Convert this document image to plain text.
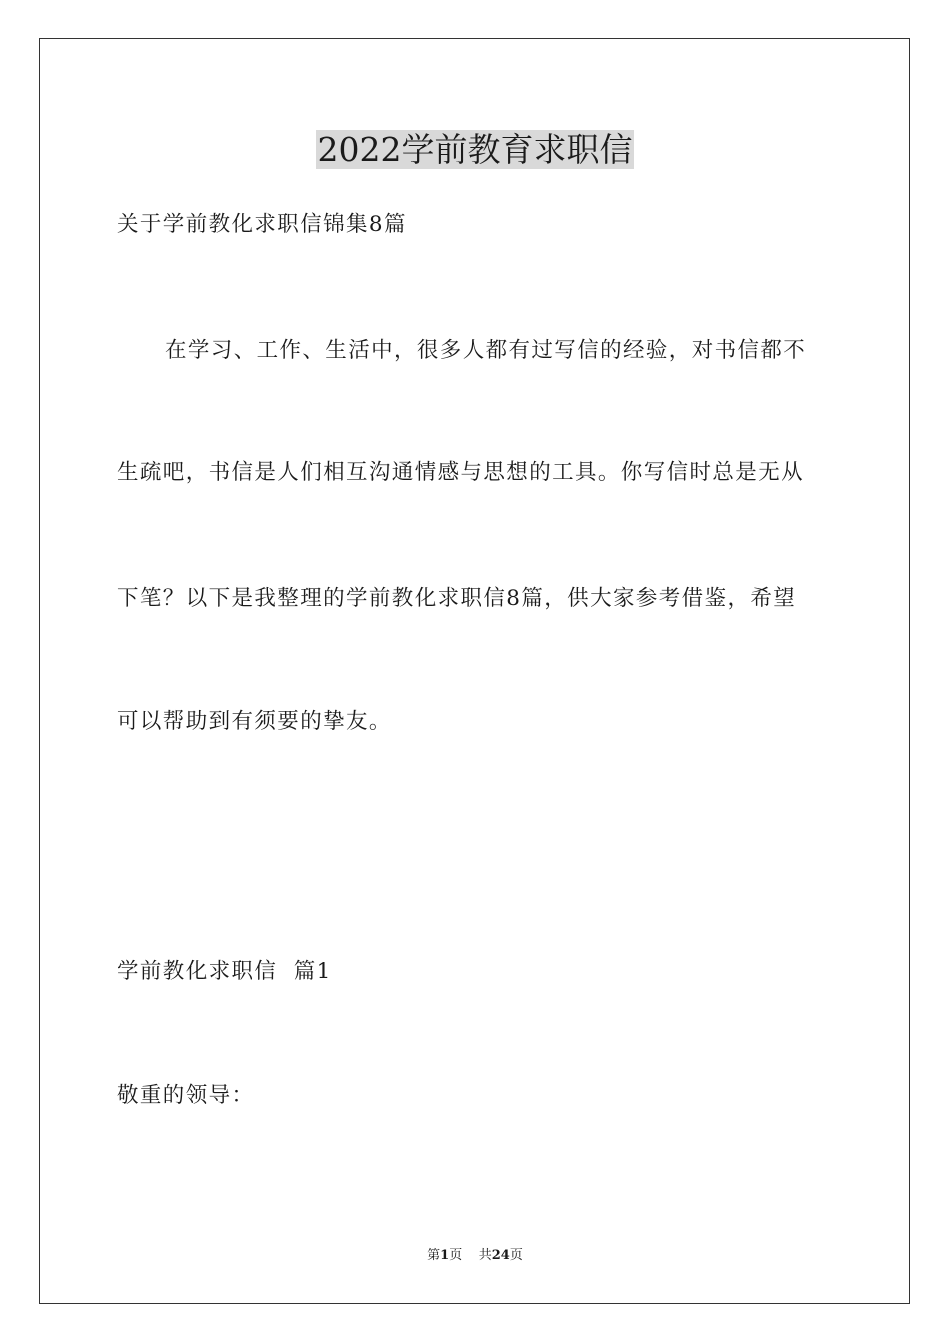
2022学前教育求职信
关于学前教化求职信锦集8篇
在学习、工作、生活中，很多人都有过写信的经验，对书信都不
生疏吧，书信是人们相互沟通情感与思想的工具。你写信时总是无从
下笔？以下是我整理的学前教化求职信8篇，供大家参考借鉴，希望
可以帮助到有须要的挚友。
学前教化求职信  篇1
敬重的领导：
第1页    共24页
